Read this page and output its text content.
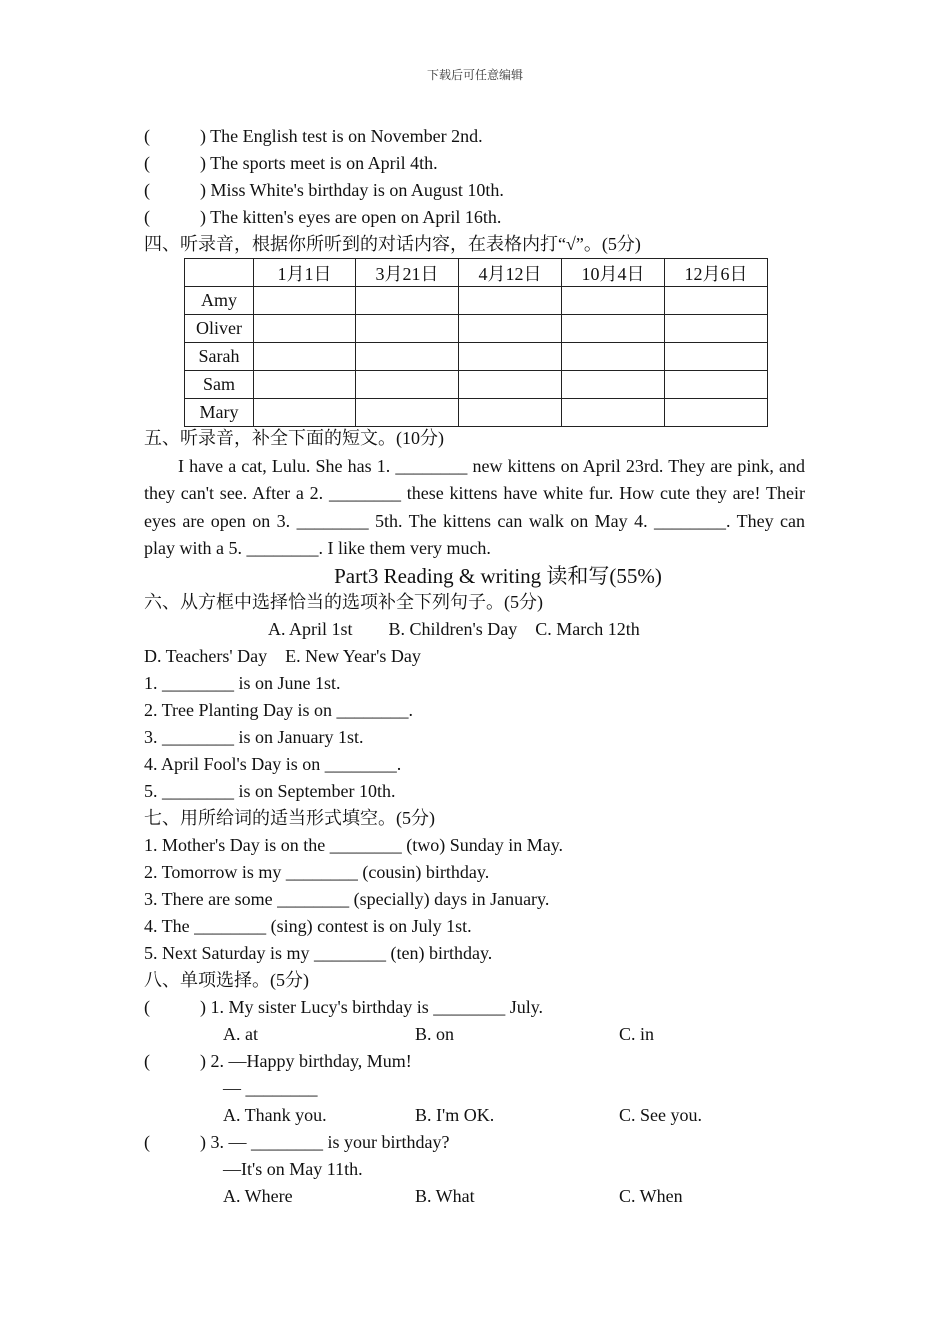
下载后可任意编辑
(	) The English test is on November 2nd.
(	) The sports meet is on April 4th.
(	) Miss White's birthday is on August 10th.
(	) The kitten's eyes are open on April 16th.
四、听录音，根据你所听到的对话内容，在表格内打“√”。(5分)
	1月1日	3月21日	4月12日	10月4日	12月6日
Amy					
Oliver					
Sarah					
Sam					
Mary					
五、听录音，补全下面的短文。(10分)
I have a cat, Lulu. She has 1. ________ new kittens on April 23rd. They are pink, and they can't see. After a 2. ________ these kittens have white fur. How cute they are! Their eyes are open on 3. ________ 5th. The kittens can walk on May 4. ________. They can play with a 5. ________. I like them very much.
Part3 Reading & writing 读和写(55%)
六、从方框中选择恰当的选项补全下列句子。(5分)
A. April 1st        B. Children's Day    C. March 12th
D. Teachers' Day    E. New Year's Day
1. ________ is on June 1st.
2. Tree Planting Day is on ________.
3. ________ is on January 1st.
4. April Fool's Day is on ________.
5. ________ is on September 10th.
七、用所给词的适当形式填空。(5分)
1. Mother's Day is on the ________ (two) Sunday in May.
2. Tomorrow is my ________ (cousin) birthday.
3. There are some ________ (specially) days in January.
4. The ________ (sing) contest is on July 1st.
5. Next Saturday is my ________ (ten) birthday.
八、单项选择。(5分)
(	) 1. My sister Lucy's birthday is ________ July.
A. at	B. on	C. in
(	) 2. —Happy birthday, Mum!
— ________
A. Thank you.	B. I'm OK.	C. See you.
(	) 3. — ________ is your birthday?
—It's on May 11th.
A. Where	B. What	C. When
